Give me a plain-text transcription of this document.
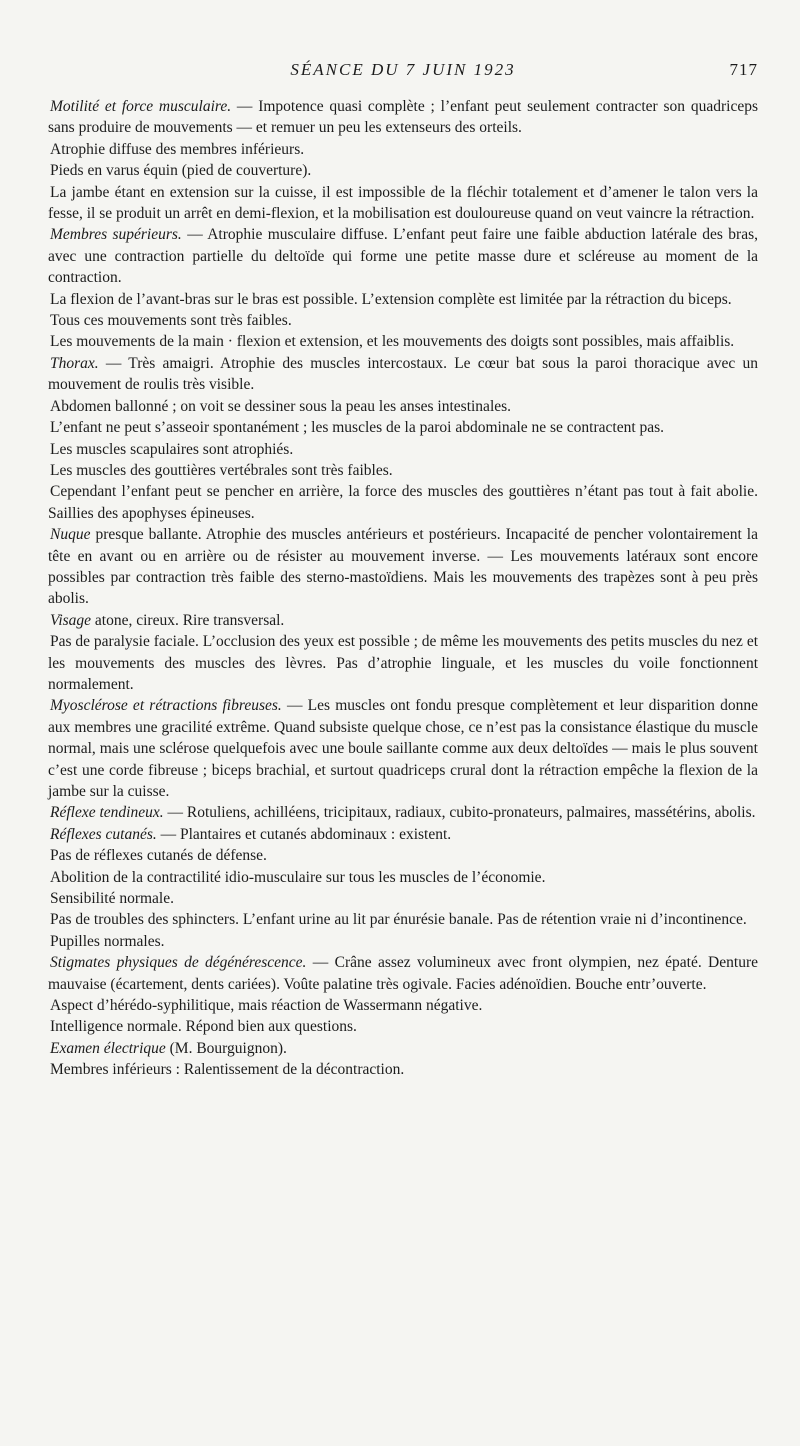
SÉANCE DU 7 JUIN 1923	717

Motilité et force musculaire. — Impotence quasi complète ; l’enfant peut seulement contracter son quadriceps sans produire de mouvements — et remuer un peu les extenseurs des orteils.

Atrophie diffuse des membres inférieurs.

Pieds en varus équin (pied de couverture).

La jambe étant en extension sur la cuisse, il est impossible de la fléchir totalement et d’amener le talon vers la fesse, il se produit un arrêt en demi-flexion, et la mobilisation est douloureuse quand on veut vaincre la rétraction.

Membres supérieurs. — Atrophie musculaire diffuse. L’enfant peut faire une faible abduction latérale des bras, avec une contraction partielle du deltoïde qui forme une petite masse dure et scléreuse au moment de la contraction.

La flexion de l’avant-bras sur le bras est possible. L’extension complète est limitée par la rétraction du biceps.

Tous ces mouvements sont très faibles.

Les mouvements de la main · flexion et extension, et les mouvements des doigts sont possibles, mais affaiblis.

Thorax. — Très amaigri. Atrophie des muscles intercostaux. Le cœur bat sous la paroi thoracique avec un mouvement de roulis très visible.

Abdomen ballonné ; on voit se dessiner sous la peau les anses intestinales.

L’enfant ne peut s’asseoir spontanément ; les muscles de la paroi abdominale ne se contractent pas.

Les muscles scapulaires sont atrophiés.

Les muscles des gouttières vertébrales sont très faibles.

Cependant l’enfant peut se pencher en arrière, la force des muscles des gouttières n’étant pas tout à fait abolie. Saillies des apophyses épineuses.

Nuque presque ballante. Atrophie des muscles antérieurs et postérieurs. Incapacité de pencher volontairement la tête en avant ou en arrière ou de résister au mouvement inverse. — Les mouvements latéraux sont encore possibles par contraction très faible des sterno-mastoïdiens. Mais les mouvements des trapèzes sont à peu près abolis.

Visage atone, cireux. Rire transversal.

Pas de paralysie faciale. L’occlusion des yeux est possible ; de même les mouvements des petits muscles du nez et les mouvements des muscles des lèvres. Pas d’atrophie linguale, et les muscles du voile fonctionnent normalement.

Myosclérose et rétractions fibreuses. — Les muscles ont fondu presque complètement et leur disparition donne aux membres une gracilité extrême. Quand subsiste quelque chose, ce n’est pas la consistance élastique du muscle normal, mais une sclérose quelquefois avec une boule saillante comme aux deux deltoïdes — mais le plus souvent c’est une corde fibreuse ; biceps brachial, et surtout quadriceps crural dont la rétraction empêche la flexion de la jambe sur la cuisse.

Réflexe tendineux. — Rotuliens, achilléens, tricipitaux, radiaux, cubito-pronateurs, palmaires, massétérins, abolis.

Réflexes cutanés. — Plantaires et cutanés abdominaux : existent.

Pas de réflexes cutanés de défense.

Abolition de la contractilité idio-musculaire sur tous les muscles de l’économie.

Sensibilité normale.

Pas de troubles des sphincters. L’enfant urine au lit par énurésie banale. Pas de rétention vraie ni d’incontinence.

Pupilles normales.

Stigmates physiques de dégénérescence. — Crâne assez volumineux avec front olympien, nez épaté. Denture mauvaise (écartement, dents cariées). Voûte palatine très ogivale. Facies adénoïdien. Bouche entr’ouverte.

Aspect d’hérédo-syphilitique, mais réaction de Wassermann négative.

Intelligence normale. Répond bien aux questions.

Examen électrique (M. Bourguignon).

Membres inférieurs : Ralentissement de la décontraction.
